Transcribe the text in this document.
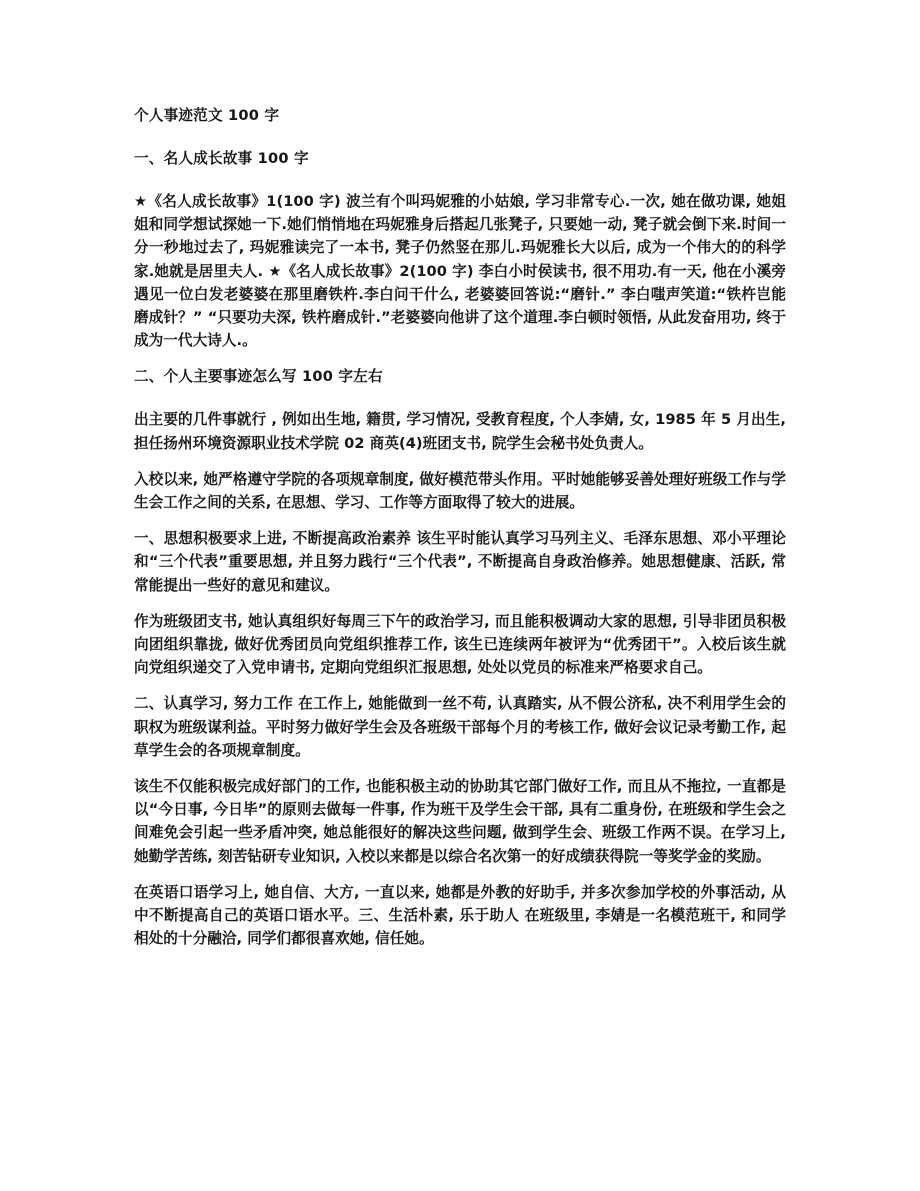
个人事迹范文 100 字

一、名人成长故事 100 字

★《名人成长故事》1(100 字) 波兰有个叫玛妮雅的小姑娘, 学习非常专心.一次, 她在做功课, 她姐姐和同学想试探她一下.她们悄悄地在玛妮雅身后搭起几张凳子, 只要她一动, 凳子就会倒下来.时间一分一秒地过去了, 玛妮雅读完了一本书, 凳子仍然竖在那儿.玛妮雅长大以后, 成为一个伟大的的科学家.她就是居里夫人. ★《名人成长故事》2(100 字) 李白小时侯读书, 很不用功.有一天, 他在小溪旁遇见一位白发老婆婆在那里磨铁杵.李白问干什么, 老婆婆回答说:“磨针.” 李白嗤声笑道:“铁杵岂能磨成针？” “只要功夫深, 铁杵磨成针.”老婆婆向他讲了这个道理.李白顿时领悟, 从此发奋用功, 终于成为一代大诗人.。

二、个人主要事迹怎么写 100 字左右

出主要的几件事就行 , 例如出生地, 籍贯, 学习情况, 受教育程度, 个人李婧, 女, 1985 年 5 月出生, 担任扬州环境资源职业技术学院 02 商英(4)班团支书, 院学生会秘书处负责人。

入校以来, 她严格遵守学院的各项规章制度, 做好模范带头作用。平时她能够妥善处理好班级工作与学生会工作之间的关系, 在思想、学习、工作等方面取得了较大的进展。

一、思想积极要求上进, 不断提高政治素养 该生平时能认真学习马列主义、毛泽东思想、邓小平理论和“三个代表”重要思想, 并且努力践行“三个代表”, 不断提高自身政治修养。她思想健康、活跃, 常常能提出一些好的意见和建议。

作为班级团支书, 她认真组织好每周三下午的政治学习, 而且能积极调动大家的思想, 引导非团员积极向团组织靠拢, 做好优秀团员向党组织推荐工作, 该生已连续两年被评为“优秀团干”。入校后该生就向党组织递交了入党申请书, 定期向党组织汇报思想, 处处以党员的标准来严格要求自己。

二、认真学习, 努力工作 在工作上, 她能做到一丝不苟, 认真踏实, 从不假公济私, 决不利用学生会的职权为班级谋利益。平时努力做好学生会及各班级干部每个月的考核工作, 做好会议记录考勤工作, 起草学生会的各项规章制度。

该生不仅能积极完成好部门的工作, 也能积极主动的协助其它部门做好工作, 而且从不拖拉, 一直都是以“今日事, 今日毕”的原则去做每一件事, 作为班干及学生会干部, 具有二重身份, 在班级和学生会之间难免会引起一些矛盾冲突, 她总能很好的解决这些问题, 做到学生会、班级工作两不误。在学习上, 她勤学苦练, 刻苦钻研专业知识, 入校以来都是以综合名次第一的好成绩获得院一等奖学金的奖励。

在英语口语学习上, 她自信、大方, 一直以来, 她都是外教的好助手, 并多次参加学校的外事活动, 从中不断提高自己的英语口语水平。三、生活朴素, 乐于助人 在班级里, 李婧是一名模范班干, 和同学相处的十分融洽, 同学们都很喜欢她, 信任她。
